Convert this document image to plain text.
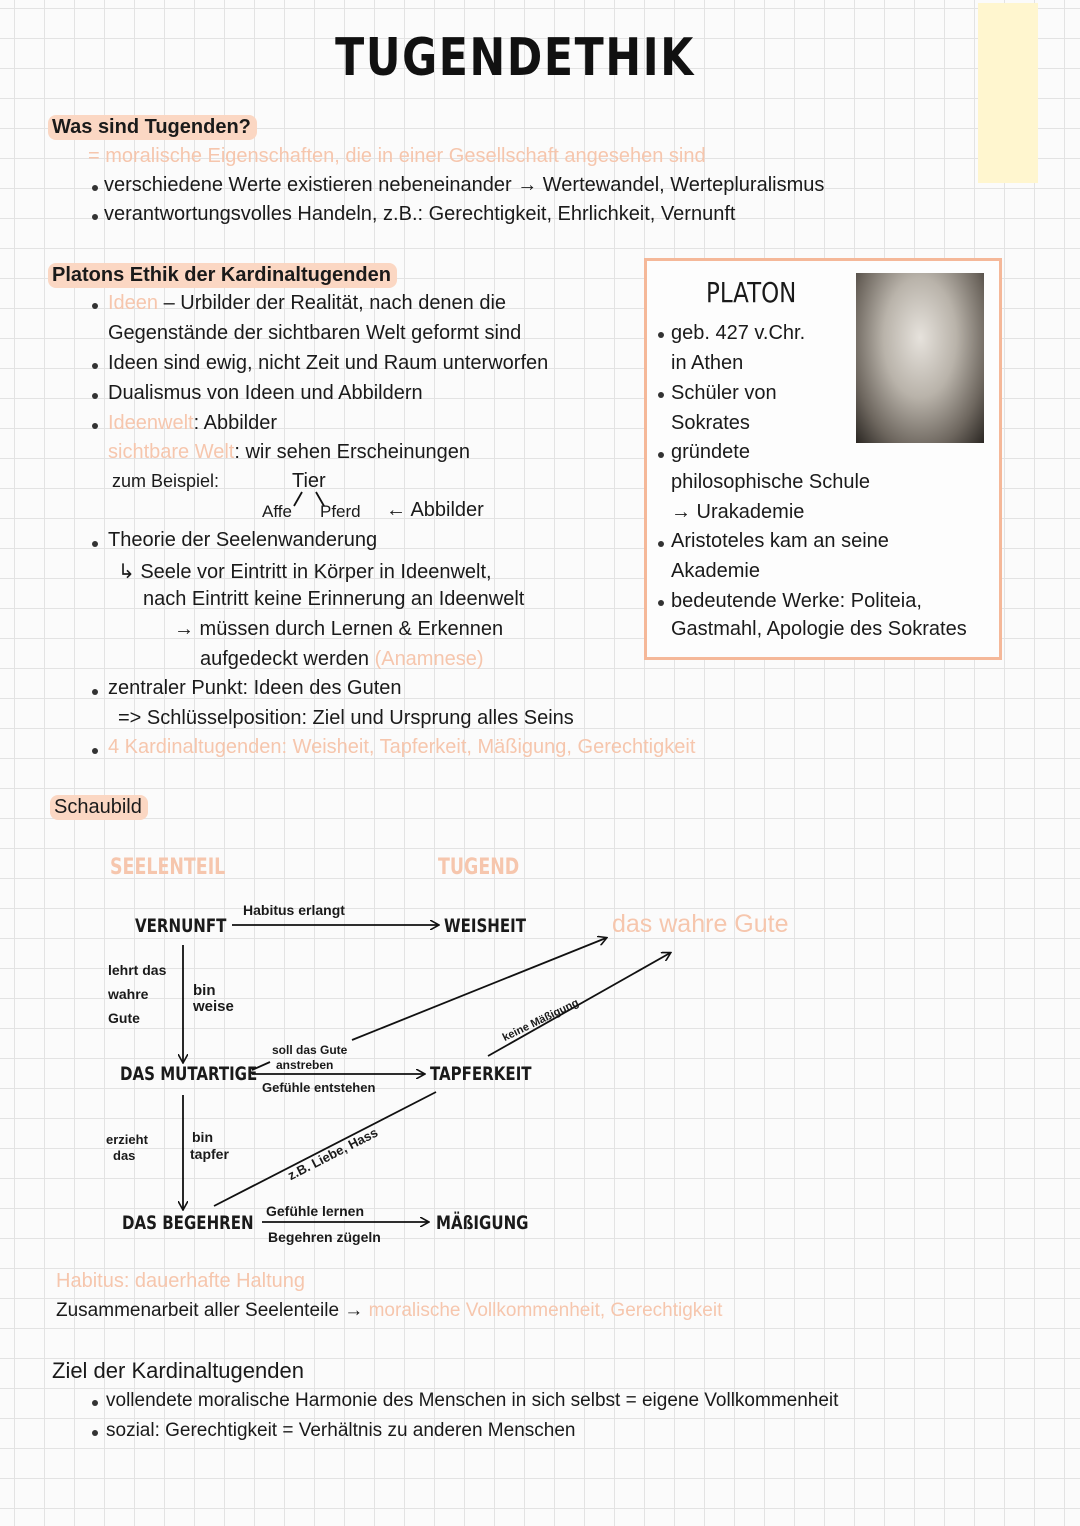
TUGENDETHIK
Was sind Tugenden?
= moralische Eigenschaften, die in einer Gesellschaft angesehen sind
verschiedene Werte existieren nebeneinander → Wertewandel, Wertepluralismus
verantwortungsvolles Handeln, z.B.: Gerechtigkeit, Ehrlichkeit, Vernunft
Platons Ethik der Kardinaltugenden
Ideen – Urbilder der Realität, nach denen die
Gegenstände der sichtbaren Welt geformt sind
Ideen sind ewig, nicht Zeit und Raum unterworfen
Dualismus von Ideen und Abbildern
Ideenwelt: Abbilder
sichtbare Welt: wir sehen Erscheinungen
zum Beispiel:	Tier
Affe Pferd ← Abbilder
Theorie der Seelenwanderung
↳ Seele vor Eintritt in Körper in Ideenwelt,
nach Eintritt keine Erinnerung an Ideenwelt
→ müssen durch Lernen & Erkennen
aufgedeckt werden (Anamnese)
zentraler Punkt: Ideen des Guten
=> Schlüsselposition: Ziel und Ursprung alles Seins
4 Kardinaltugenden: Weisheit, Tapferkeit, Mäßigung, Gerechtigkeit
PLATON
geb. 427 v.Chr.
in Athen
Schüler von
Sokrates
gründete
philosophische Schule
→ Urakademie
Aristoteles kam an seine
Akademie
bedeutende Werke: Politeia,
Gastmahl, Apologie des Sokrates
Schaubild
SEELENTEIL	TUGEND
VERNUNFT
DAS MUTARTIGE
DAS BEGEHREN
WEISHEIT
TAPFERKEIT
MÄßIGUNG
das wahre Gute
Habitus erlangt
lehrt das
wahre
Gute
bin
weise
soll das Gute
anstreben
Gefühle entstehen
keine Mäßigung
erzieht
das
bin
tapfer	z.B. Liebe, Hass
Gefühle lernen
Begehren zügeln
Habitus: dauerhafte Haltung
Zusammenarbeit aller Seelenteile → moralische Vollkommenheit, Gerechtigkeit
Ziel der Kardinaltugenden
vollendete moralische Harmonie des Menschen in sich selbst = eigene Vollkommenheit
sozial: Gerechtigkeit = Verhältnis zu anderen Menschen
